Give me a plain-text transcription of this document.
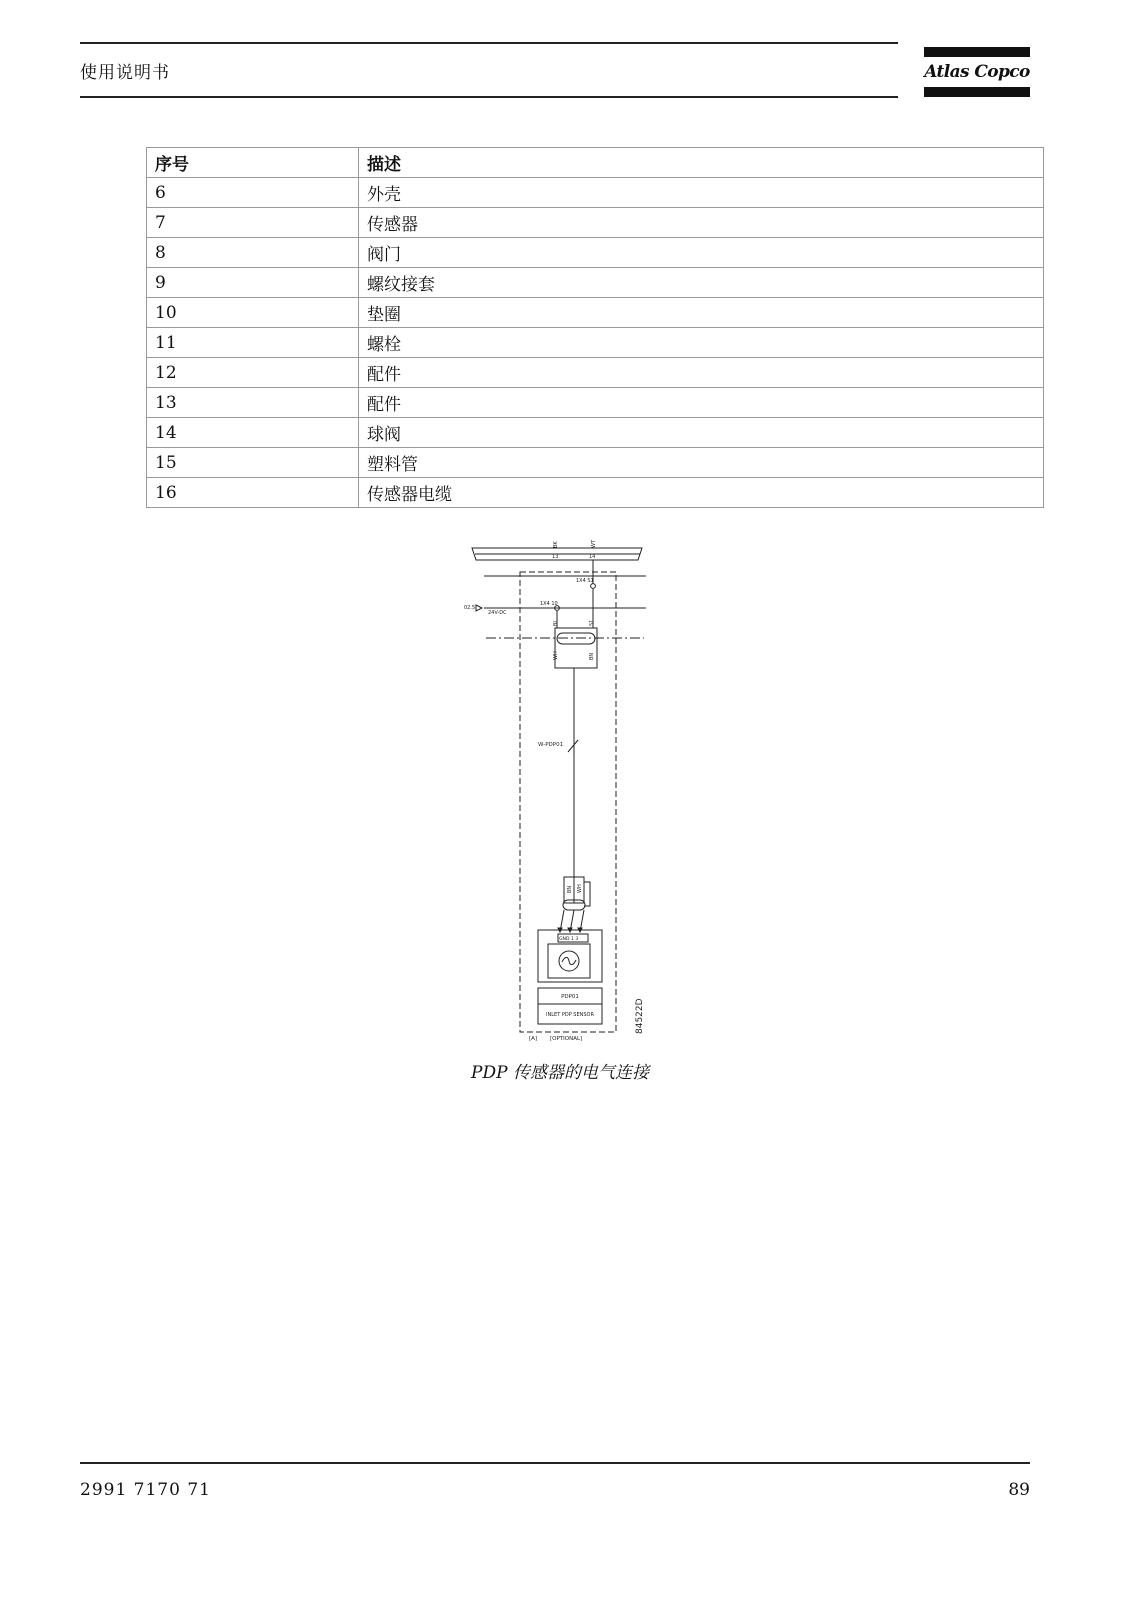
使用说明书	Atlas Copco
序号	描述
6	外壳
7	传感器
8	阀门
9	螺纹接套
10	垫圈
11	螺栓
12	配件
13	配件
14	球阀
15	塑料管
16	传感器电缆
BK	WT
13	14
1X4 S1
1X4 10
02.5
24V-DC
BI	S1
WH	BN
W-PDP01
BN WH
GND 1 3
PDP01
INLET PDP SENSOR
[A] [OPTIONAL]
84522D
PDP 传感器的电气连接
2991 7170 71	89
